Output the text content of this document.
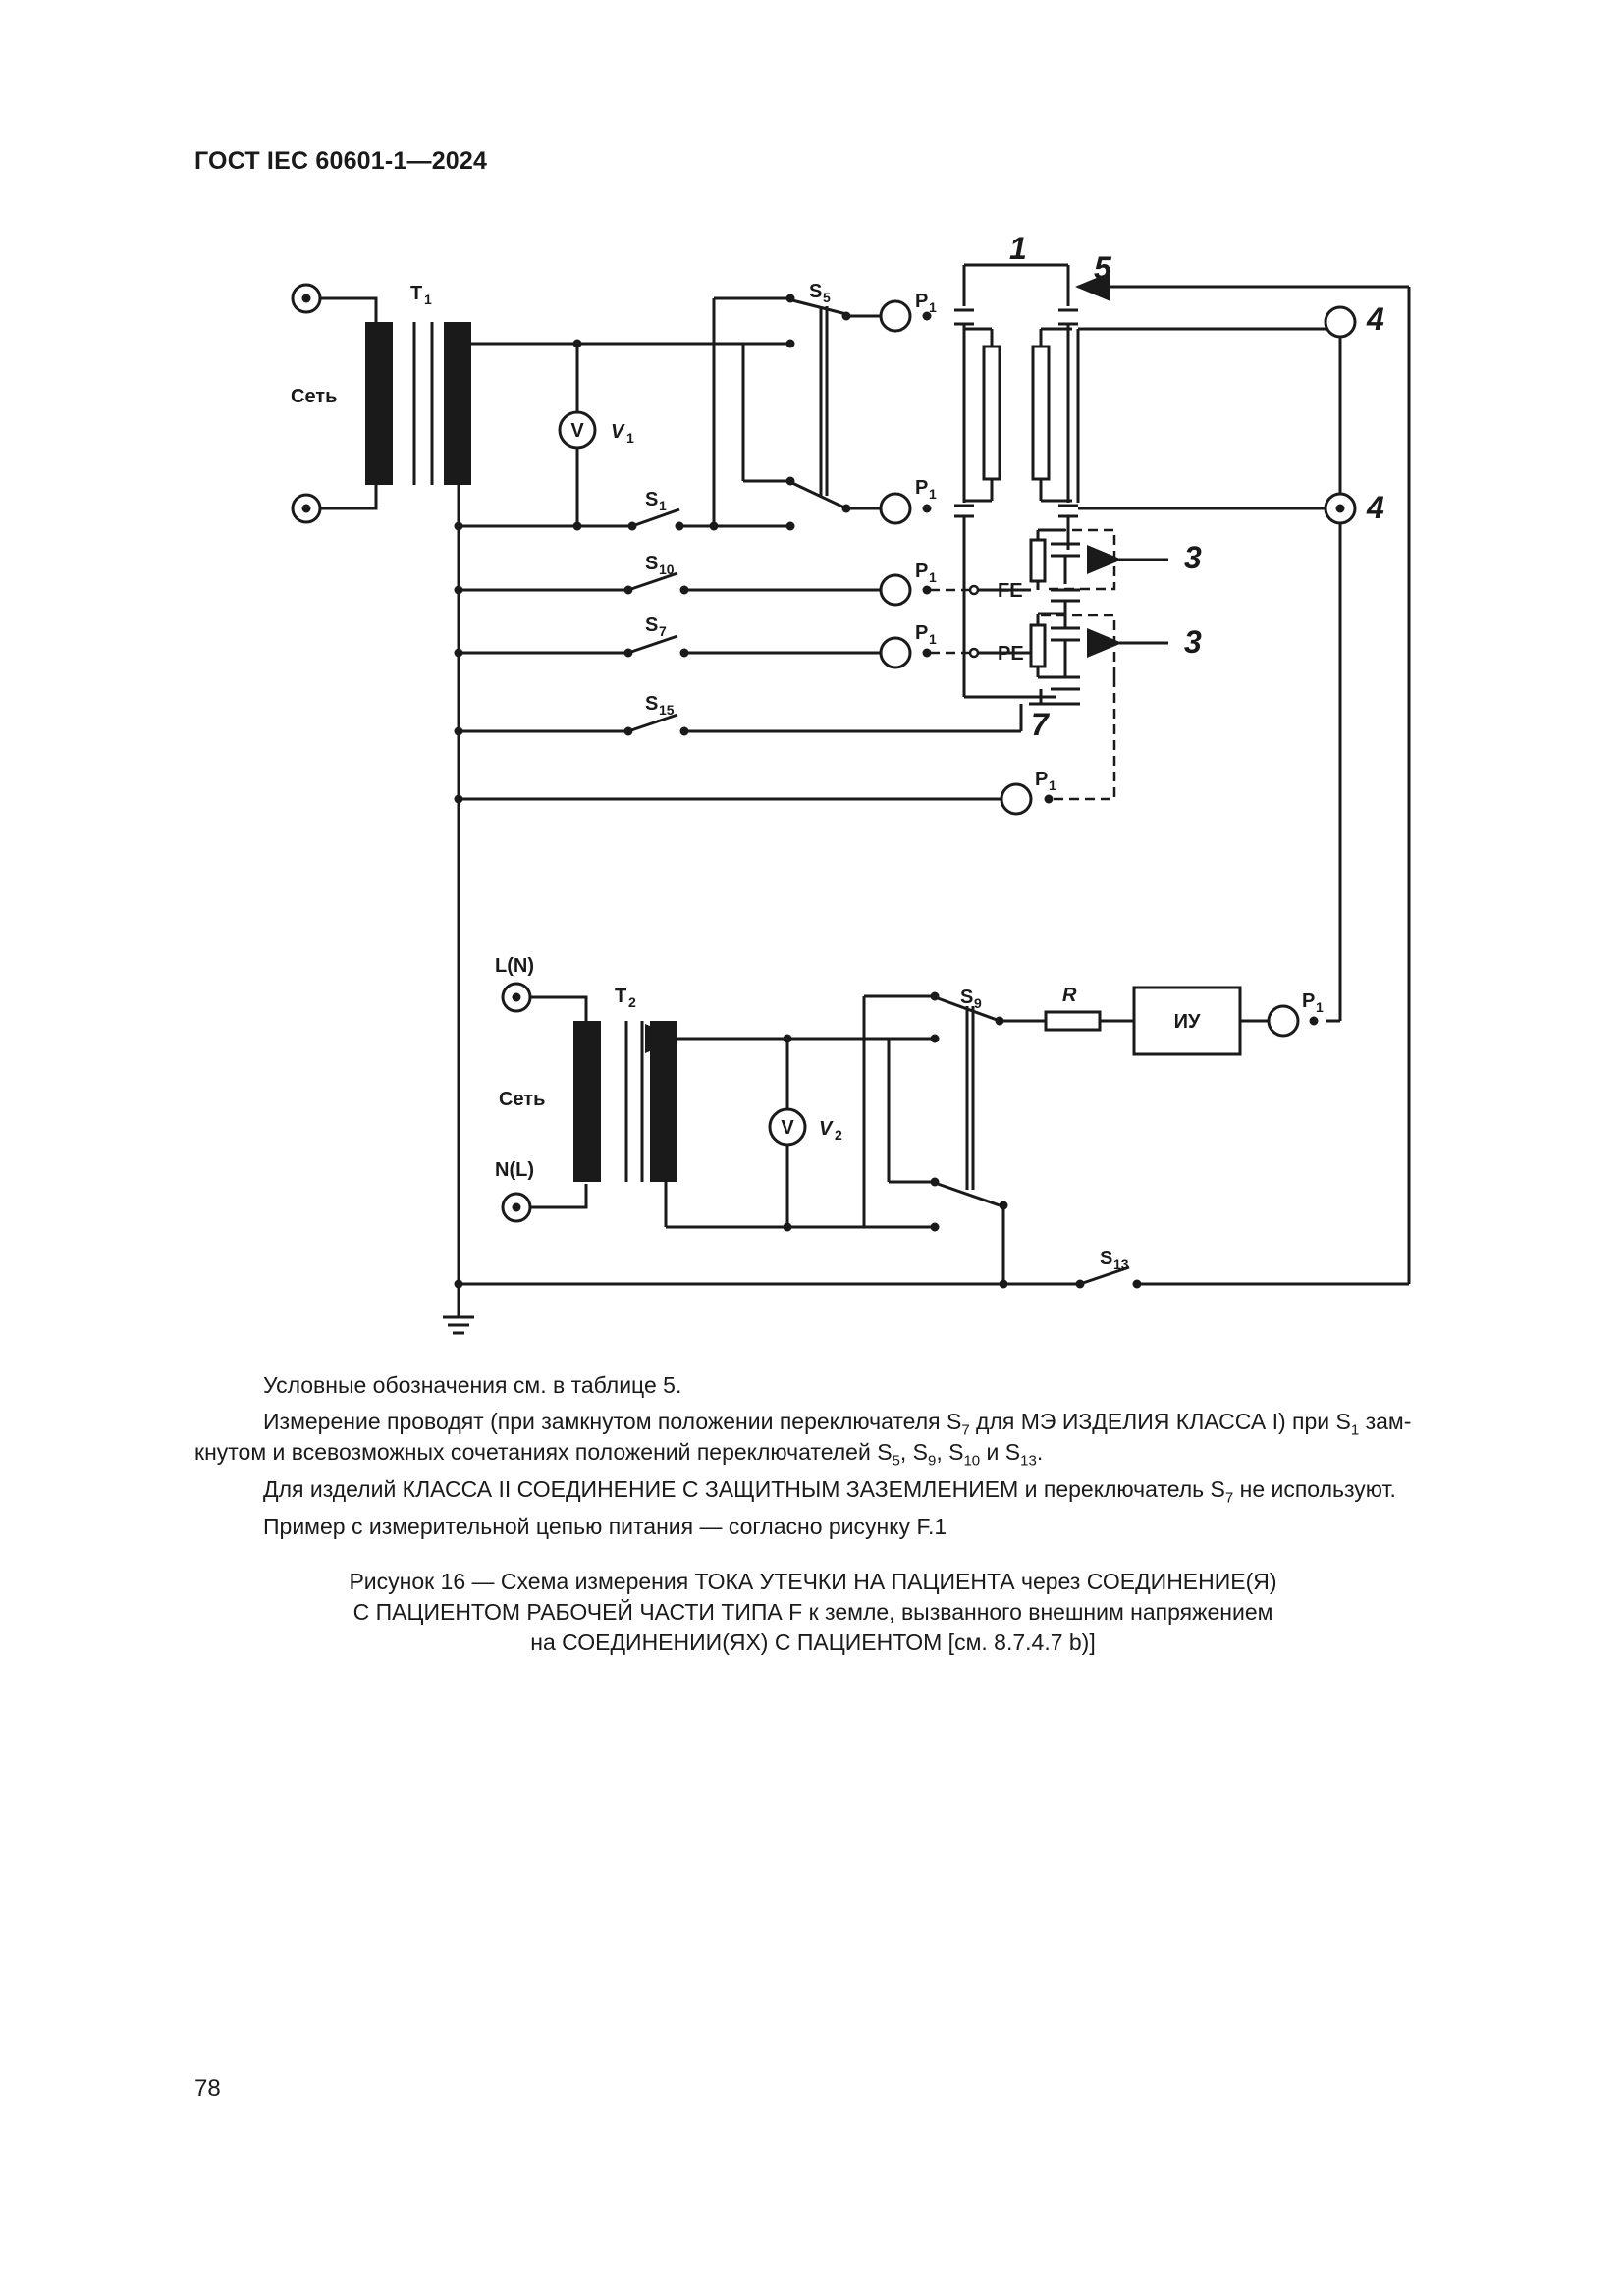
ГОСТ IEC 60601-1—2024
V
V
Сеть
Сеть
T 1
T 2
V 1
V 2
S 5
S 1
S 10
S 7
S 15
S 9
S 13
P 1
P 1
P 1
P 1
P 1
P 1
FE
PE
R
ИУ
L(N)
N(L)
1
5
4
4
3
3
7
Условные обозначения см. в таблице 5.
Измерение проводят (при замкнутом положении переключателя $S_7$ для МЭ ИЗДЕЛИЯ КЛАССА I) при $S_1$ зам-
кнутом и всевозможных сочетаниях положений переключателей $S_5$, $S_9$, $S_{10}$ и $S_{13}$.
Для изделий КЛАССА II СОЕДИНЕНИЕ С ЗАЩИТНЫМ ЗАЗЕМЛЕНИЕМ и переключатель $S_7$ не используют.
Пример с измерительной цепью питания — согласно рисунку F.1
Рисунок 16 — Схема измерения ТОКА УТЕЧКИ НА ПАЦИЕНТА через СОЕДИНЕНИЕ(Я)
С ПАЦИЕНТОМ РАБОЧЕЙ ЧАСТИ ТИПА F к земле, вызванного внешним напряжением
на СОЕДИНЕНИИ(ЯХ) С ПАЦИЕНТОМ [см. 8.7.4.7 b)]
78
